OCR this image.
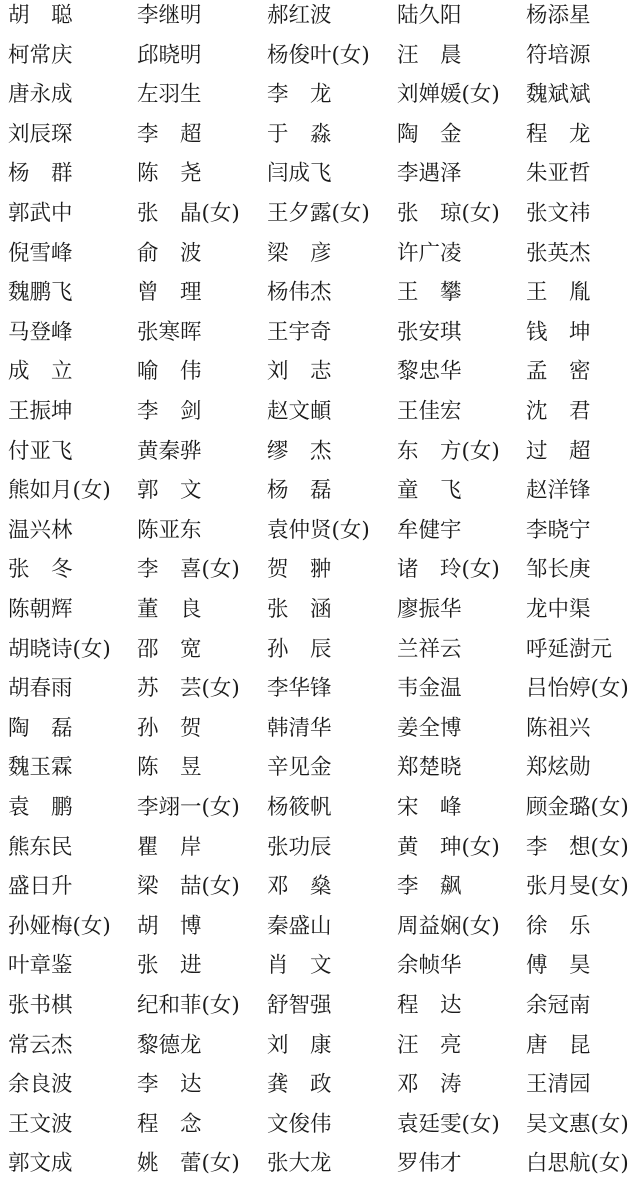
胡　聪	李继明	郝红波	陆久阳	杨添星
柯常庆	邱晓明	杨俊叶(女) 汪　晨	符培源
唐永成	左羽生	李　龙	刘婵媛(女) 魏斌斌
刘辰琛	李　超	于　淼	陶　金	程　龙
杨　群	陈　尧	闫成飞	李遇泽	朱亚哲
郭武中	张　晶(女) 王夕露(女) 张　琼(女) 张文祎
倪雪峰	俞　波	梁　彦	许广凌	张英杰
魏鹏飞	曾　理	杨伟杰	王　攀	王　胤
马登峰	张寒晖	王宇奇	张安琪	钱　坤
成　立	喻　伟	刘　志	黎忠华	孟　密
王振坤	李　剑	赵文頔	王佳宏	沈　君
付亚飞	黄秦骅	缪　杰	东　方(女) 过　超
熊如月(女) 郭　文	杨　磊	童　飞	赵洋锋
温兴林	陈亚东	袁仲贤(女) 牟健宇	李晓宁
张　冬	李　喜(女) 贺　翀	诸　玲(女) 邹长庚
陈朝辉	董　良	张　涵	廖振华	龙中渠
胡晓诗(女) 邵　宽	孙　辰	兰祥云	呼延澍元
胡春雨	苏　芸(女) 李华锋	韦金温	吕怡婷(女)
陶　磊	孙　贺	韩清华	姜全博	陈祖兴
魏玉霖	陈　昱	辛见金	郑楚晓	郑炫勋
袁　鹏	李翊一(女) 杨筱帆	宋　峰	顾金璐(女)
熊东民	瞿　岸	张功辰	黄　珅(女) 李　想(女)
盛日升	梁　喆(女) 邓　燊	李　飙	张月旻(女)
孙娅梅(女) 胡　博	秦盛山	周益娴(女) 徐　乐
叶章鉴	张　进	肖　文	余帧华	傅　昊
张书棋	纪和菲(女) 舒智强	程　达	余冠南
常云杰	黎德龙	刘　康	汪　亮	唐　昆
余良波	李　达	龚　政	邓　涛	王清园
王文波	程　念	文俊伟	袁廷雯(女) 吴文惠(女)
郭文成	姚　蕾(女) 张大龙	罗伟才	白思航(女)
